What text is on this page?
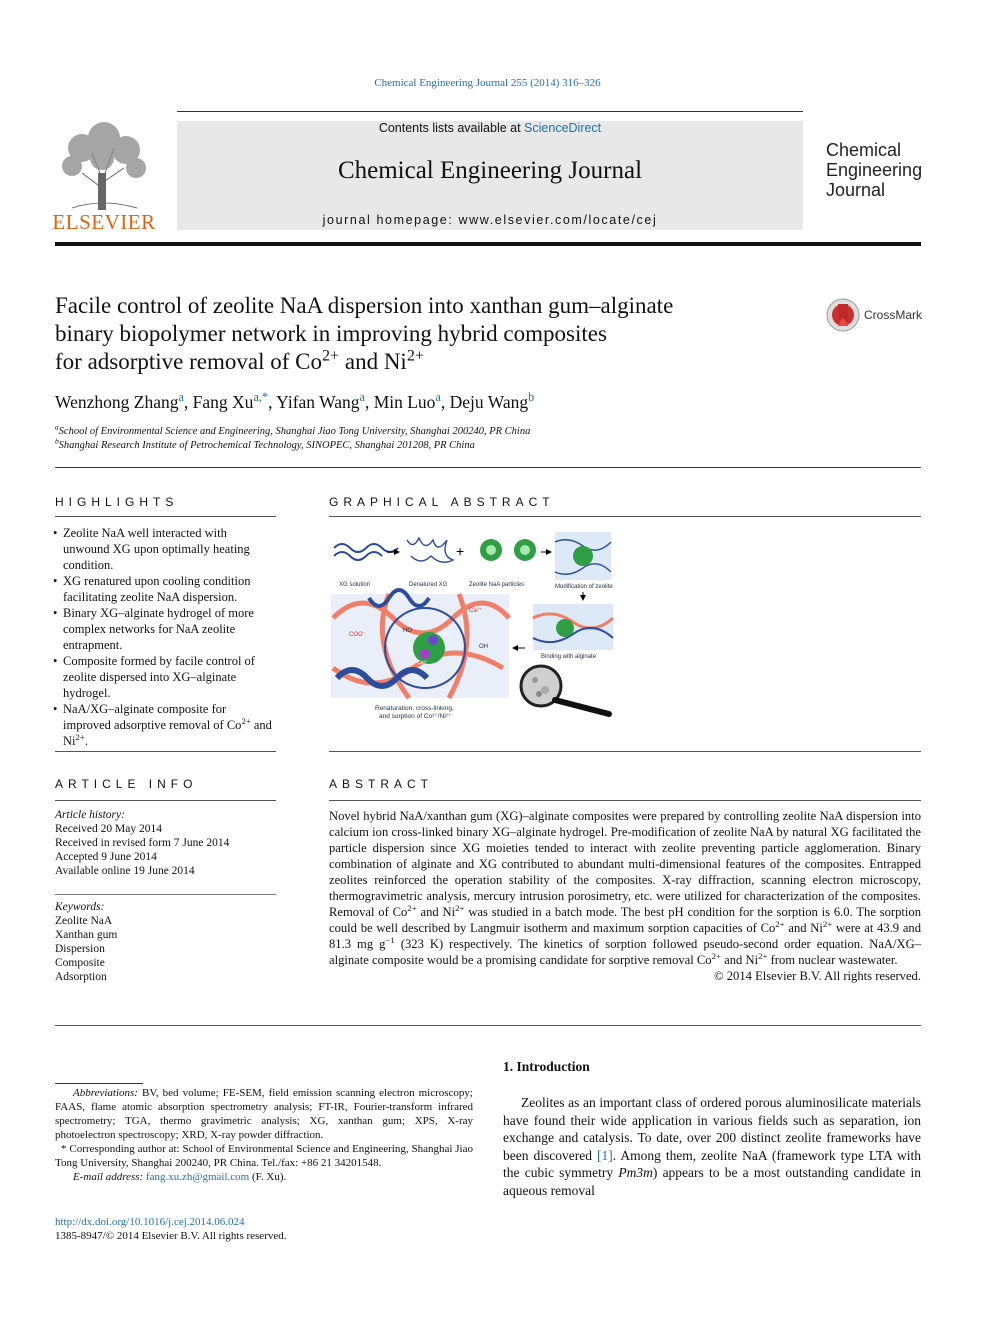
Chemical Engineering Journal 255 (2014) 316–326
ELSEVIER
Contents lists available at ScienceDirect
Chemical Engineering Journal
journal homepage: www.elsevier.com/locate/cej
Chemical
Engineering
Journal
Facile control of zeolite NaA dispersion into xanthan gum–alginate
binary biopolymer network in improving hybrid composites
for adsorptive removal of $Co^{2+}$ and $Ni^{2+}$
CrossMark
Wenzhong Zhang$^a$, Fang $Xu^{a,*}$, Yifan Wang$^a$, Min Luo$^a$, Deju Wang$^b$
$^a$School of Environmental Science and Engineering, Shanghai Jiao Tong University, Shanghai 200240, PR China
$^b$Shanghai Research Institute of Petrochemical Technology, SINOPEC, Shanghai 201208, PR China
HIGHLIGHTS

• Zeolite NaA well interacted with unwound XG upon optimally heating condition.

• XG renatured upon cooling condition facilitating zeolite NaA dispersion.

• Binary XG–alginate hydrogel of more complex networks for NaA zeolite entrapment.

• Composite formed by facile control of zeolite dispersed into XG–alginate hydrogel.

• NaA/XG–alginate composite for improved adsorptive removal of $Co^{2+}$ and $Ni^{2+}$.

GRAPHICAL ABSTRACT
XG solution	Denatured XG
+
Zeolite NaA particles	Modification of zeolite
COO⁻
Ca²⁺
OH
HO
Ni²⁺
Co²⁺
Renaturation, cross-linking,
and sorption of Co²⁺/Ni²⁺
Binding with alginate
ARTICLE INFO
Article history:
Received 20 May 2014
Received in revised form 7 June 2014
Accepted 9 June 2014
Available online 19 June 2014
Keywords:
Zeolite NaA
Xanthan gum
Dispersion
Composite
Adsorption
ABSTRACT
Novel hybrid NaA/xanthan gum (XG)–alginate composites were prepared by controlling zeolite NaA dispersion into calcium ion cross-linked binary XG–alginate hydrogel. Pre-modification of zeolite NaA by natural XG facilitated the particle dispersion since XG moieties tended to interact with zeolite preventing particle agglomeration. Binary combination of alginate and XG contributed to abundant multi-dimensional features of the composites. Entrapped zeolites reinforced the operation stability of the composites. X-ray diffraction, scanning electron microscopy, thermogravimetric analysis, mercury intrusion porosimetry, etc. were utilized for characterization of the composites. Removal of $Co^{2+}$ and $Ni^{2+}$ was studied in a batch mode. The best pH condition for the sorption is 6.0. The sorption could be well described by Langmuir isotherm and maximum sorption capacities of $Co^{2+}$ and $Ni^{2+}$ were at 43.9 and 81.3 mg $g^{-1}$ (323 K) respectively. The kinetics of sorption followed pseudo-second order equation. NaA/XG–alginate composite would be a promising candidate for sorptive removal $Co^{2+}$ and $Ni^{2+}$ from nuclear wastewater.
© 2014 Elsevier B.V. All rights reserved.
Abbreviations: BV, bed volume; FE-SEM, field emission scanning electron microscopy; FAAS, flame atomic absorption spectrometry analysis; FT-IR, Fourier-transform infrared spectrometry; TGA, thermo gravimetric analysis; XG, xanthan gum; XPS, X-ray photoelectron spectroscopy; XRD, X-ray powder diffraction.
* Corresponding author at: School of Environmental Science and Engineering, Shanghai Jiao Tong University, Shanghai 200240, PR China. Tel./fax: +86 21 34201548.
E-mail address: fang.xu.zh@gmail.com (F. Xu).
http://dx.doi.org/10.1016/j.cej.2014.06.024
1385-8947/© 2014 Elsevier B.V. All rights reserved.
1. Introduction
Zeolites as an important class of ordered porous aluminosilicate materials have found their wide application in various fields such as separation, ion exchange and catalysis. To date, over 200 distinct zeolite frameworks have been discovered [1]. Among them, zeolite NaA (framework type LTA with the cubic symmetry Pm3m) appears to be a most outstanding candidate in aqueous removal
